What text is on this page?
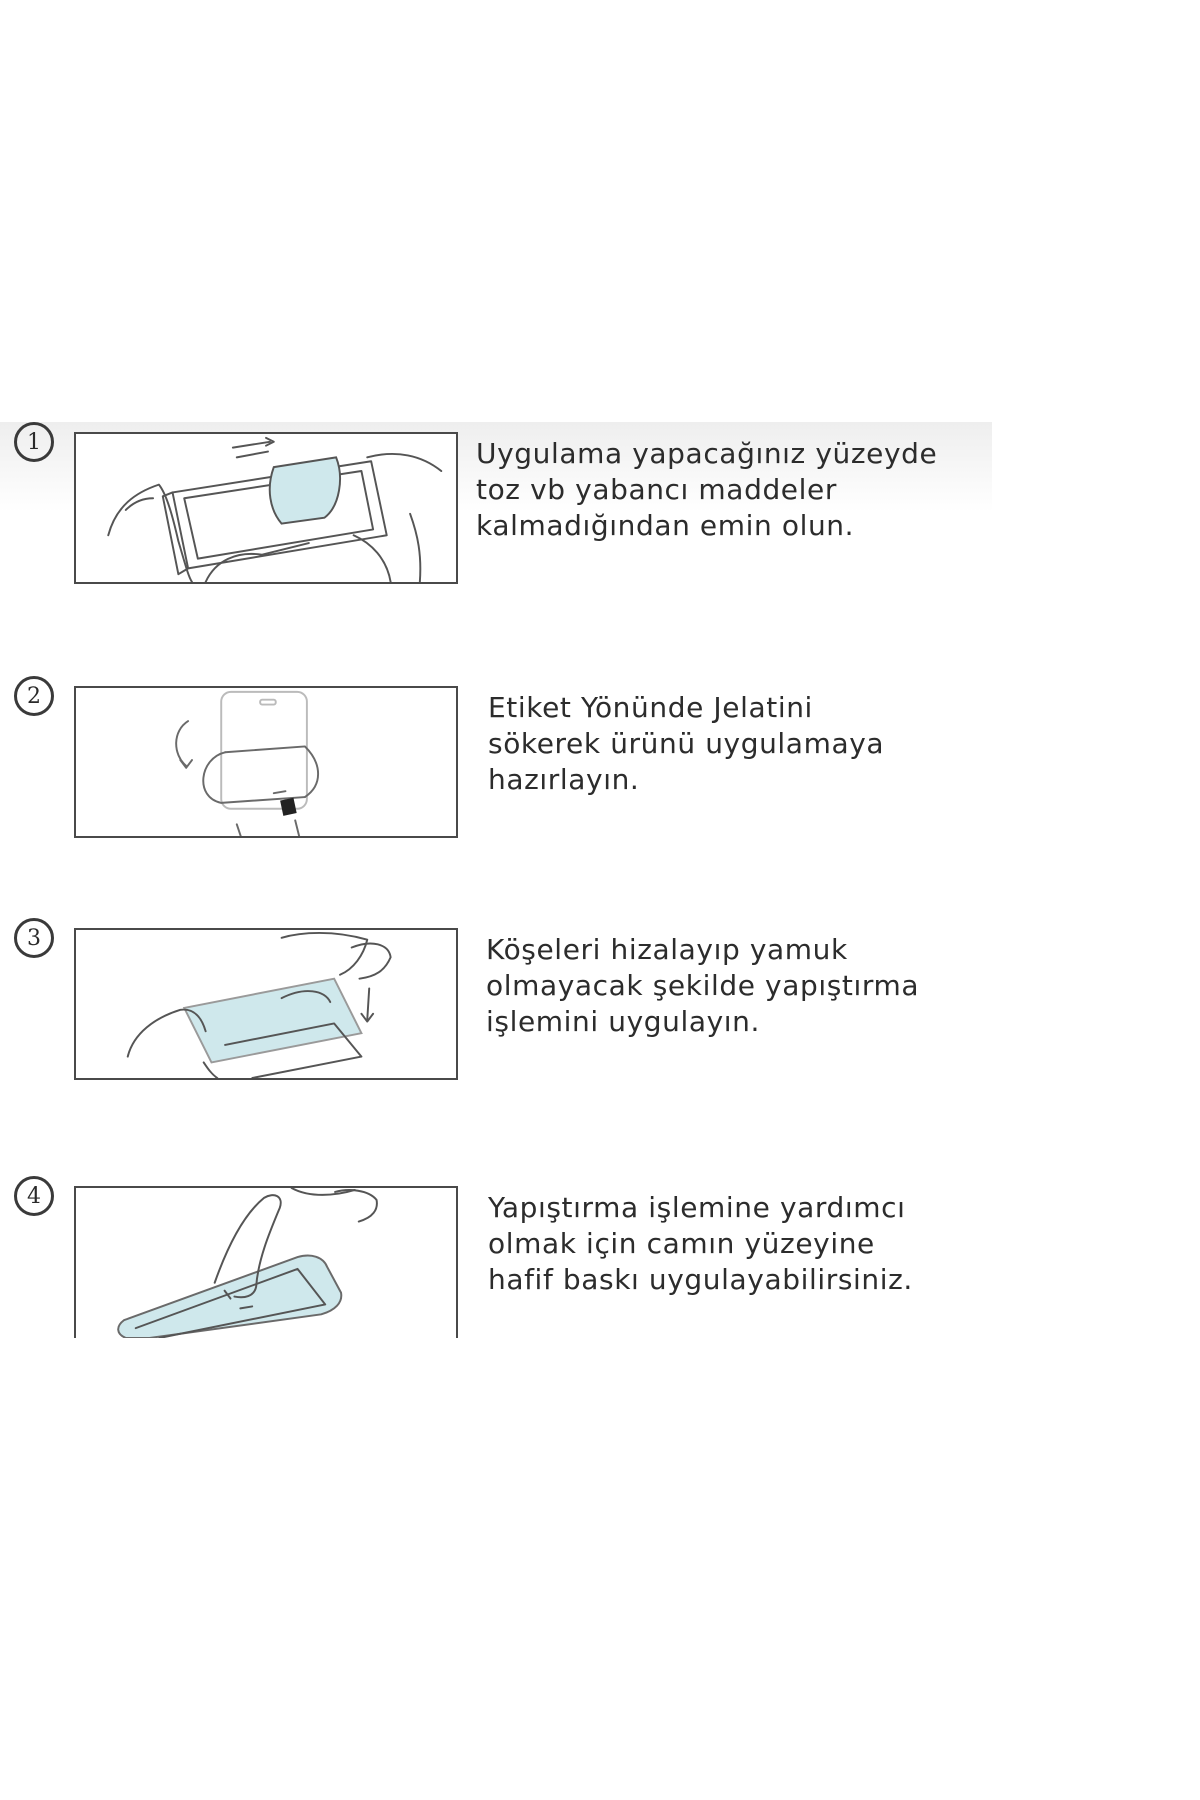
1	Uygulama yapacağınız yüzeyde
toz vb yabancı maddeler
kalmadığından emin olun.
2	Etiket Yönünde Jelatini
sökerek ürünü uygulamaya
hazırlayın.
3	Köşeleri hizalayıp yamuk
olmayacak şekilde yapıştırma
işlemini uygulayın.
4	Yapıştırma işlemine yardımcı
olmak için camın yüzeyine
hafif baskı uygulayabilirsiniz.
